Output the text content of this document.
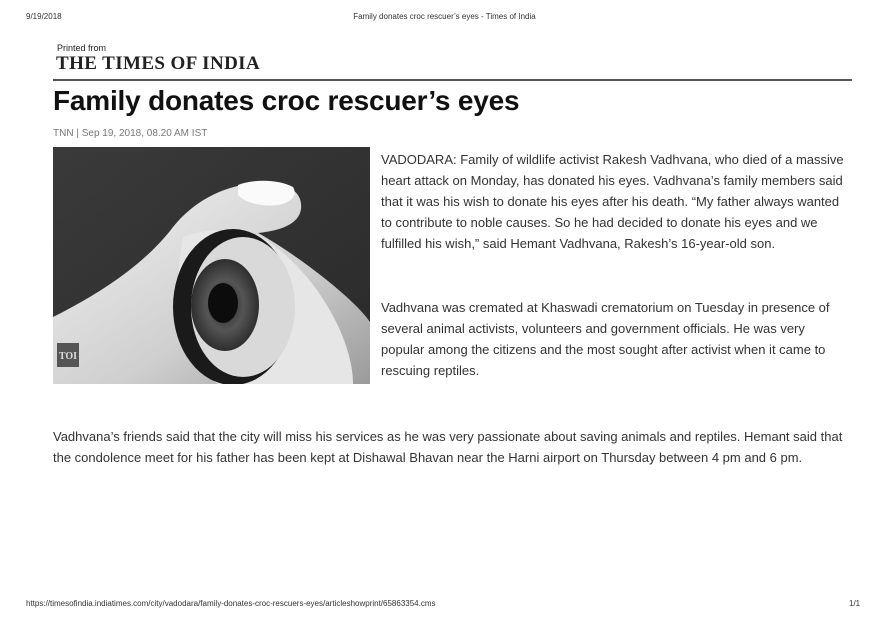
9/19/2018	Family donates croc rescuer’s eyes - Times of India
Printed from
THE TIMES OF INDIA
Family donates croc rescuer’s eyes
TNN | Sep 19, 2018, 08.20 AM IST
TOI

VADODARA: Family of wildlife activist Rakesh Vadhvana, who died of a massive heart attack on Monday, has donated his eyes. Vadhvana’s family members said that it was his wish to donate his eyes after his death. “My father always wanted to contribute to noble causes. So he had decided to donate his eyes and we fulfilled his wish,” said Hemant Vadhvana, Rakesh’s 16-year-old son.

Vadhvana was cremated at Khaswadi crematorium on Tuesday in presence of several animal activists, volunteers and government officials. He was very popular among the citizens and the most sought after activist when it came to rescuing reptiles.

Vadhvana’s friends said that the city will miss his services as he was very passionate about saving animals and reptiles. Hemant said that the condolence meet for his father has been kept at Dishawal Bhavan near the Harni airport on Thursday between 4 pm and 6 pm.

https://timesofindia.indiatimes.com/city/vadodara/family-donates-croc-rescuers-eyes/articleshowprint/65863354.cms	1/1
